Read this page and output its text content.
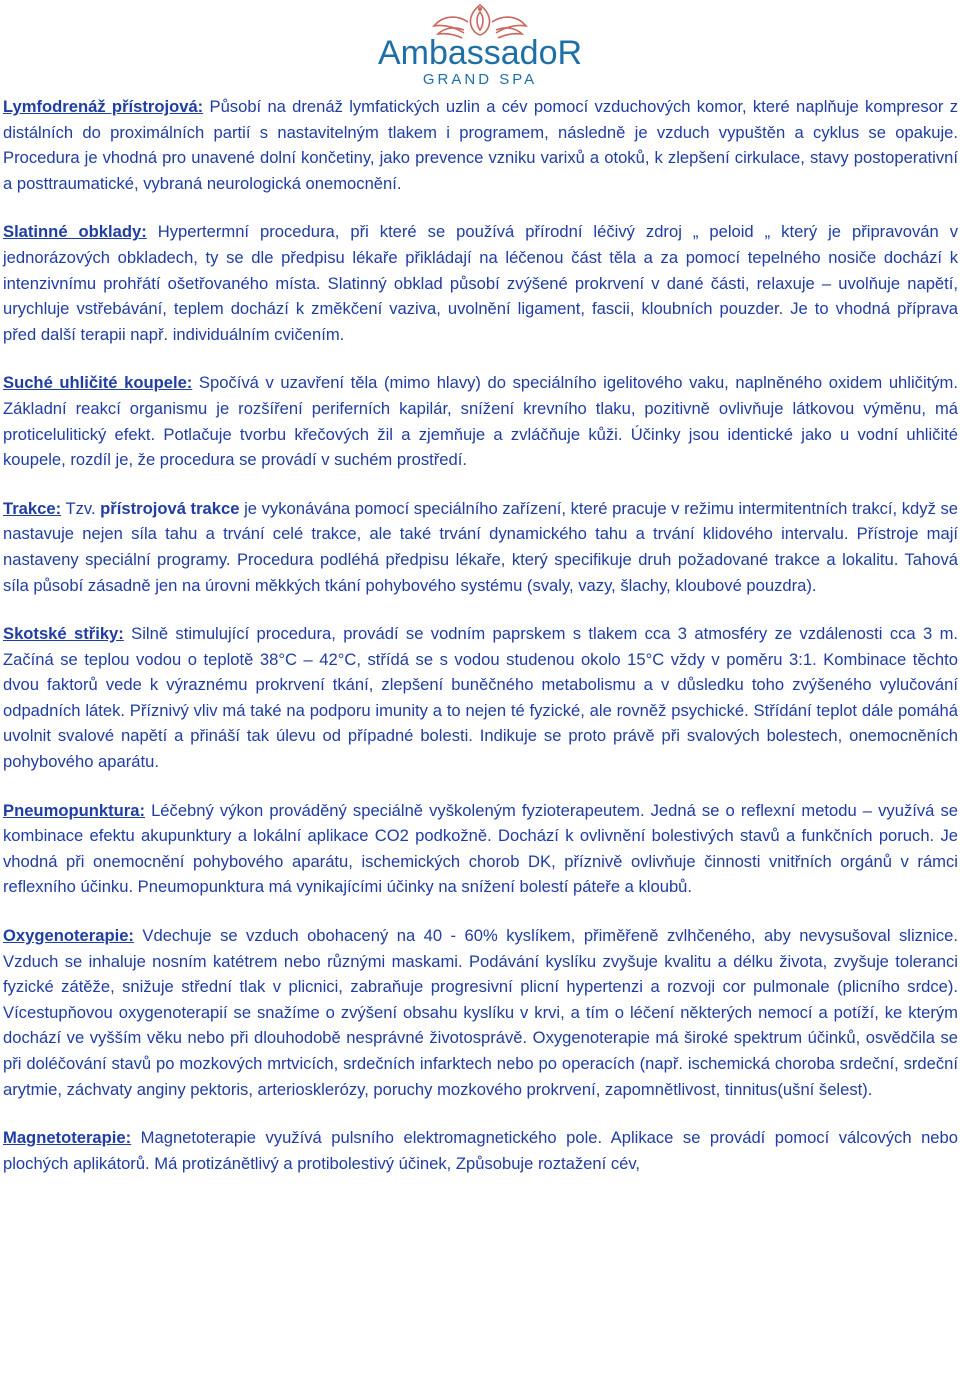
AmbassadoR
GRAND SPA

Lymfodrenáž přístrojová: Působí na drenáž lymfatických uzlin a cév pomocí vzduchových komor, které naplňuje kompresor z distálních do proximálních partií s nastavitelným tlakem i programem, následně je vzduch vypuštěn a cyklus se opakuje. Procedura je vhodná pro unavené dolní končetiny, jako prevence vzniku varixů a otoků, k zlepšení cirkulace, stavy postoperativní a posttraumatické, vybraná neurologická onemocnění.

Slatinné obklady: Hypertermní procedura, při které se používá přírodní léčivý zdroj „ peloid „ který je připravován v jednorázových obkladech, ty se dle předpisu lékaře přikládají na léčenou část těla a za pomocí tepelného nosiče dochází k intenzivnímu prohřátí ošetřovaného místa. Slatinný obklad působí zvýšené prokrvení v dané části, relaxuje – uvolňuje napětí, urychluje vstřebávání, teplem dochází k změkčení vaziva, uvolnění ligament, fascii, kloubních pouzder. Je to vhodná příprava před další terapii např. individuálním cvičením.

Suché uhličité koupele: Spočívá v uzavření těla (mimo hlavy) do speciálního igelitového vaku, naplněného oxidem uhličitým. Základní reakcí organismu je rozšíření periferních kapilár, snížení krevního tlaku, pozitivně ovlivňuje látkovou výměnu, má proticelulitický efekt. Potlačuje tvorbu křečových žil a zjemňuje a zvláčňuje kůži. Účinky jsou identické jako u vodní uhličité koupele, rozdíl je, že procedura se provádí v suchém prostředí.

Trakce: Tzv. přístrojová trakce je vykonávána pomocí speciálního zařízení, které pracuje v režimu intermitentních trakcí, když se nastavuje nejen síla tahu a trvání celé trakce, ale také trvání dynamického tahu a trvání klidového intervalu. Přístroje mají nastaveny speciální programy. Procedura podléhá předpisu lékaře, který specifikuje druh požadované trakce a lokalitu. Tahová síla působí zásadně jen na úrovni měkkých tkání pohybového systému (svaly, vazy, šlachy, kloubové pouzdra).

Skotské střiky: Silně stimulující procedura, provádí se vodním paprskem s tlakem cca 3 atmosféry ze vzdálenosti cca 3 m. Začíná se teplou vodou o teplotě 38°C – 42°C, střídá se s vodou studenou okolo 15°C vždy v poměru 3:1. Kombinace těchto dvou faktorů vede k výraznému prokrvení tkání, zlepšení buněčného metabolismu a v důsledku toho zvýšeného vylučování odpadních látek. Příznivý vliv má také na podporu imunity a to nejen té fyzické, ale rovněž psychické. Střídání teplot dále pomáhá uvolnit svalové napětí a přináší tak úlevu od případné bolesti. Indikuje se proto právě při svalových bolestech, onemocněních pohybového aparátu.

Pneumopunktura: Léčebný výkon prováděný speciálně vyškoleným fyzioterapeutem. Jedná se o reflexní metodu – využívá se kombinace efektu akupunktury a lokální aplikace CO2 podkožně. Dochází k ovlivnění bolestivých stavů a funkčních poruch. Je vhodná při onemocnění pohybového aparátu, ischemických chorob DK, příznivě ovlivňuje činnosti vnitřních orgánů v rámci reflexního účinku. Pneumopunktura má vynikajícími účinky na snížení bolestí páteře a kloubů.

Oxygenoterapie: Vdechuje se vzduch obohacený na 40 - 60% kyslíkem, přiměřeně zvlhčeného, aby nevysušoval sliznice. Vzduch se inhaluje nosním katétrem nebo různými maskami. Podávání kyslíku zvyšuje kvalitu a délku života, zvyšuje toleranci fyzické zátěže, snižuje střední tlak v plicnici, zabraňuje progresivní plicní hypertenzi a rozvoji cor pulmonale (plicního srdce). Vícestupňovou oxygenoterapií se snažíme o zvýšení obsahu kyslíku v krvi, a tím o léčení některých nemocí a potíží, ke kterým dochází ve vyšším věku nebo při dlouhodobě nesprávné životosprávě. Oxygenoterapie má široké spektrum účinků, osvědčila se při doléčování stavů po mozkových mrtvicích, srdečních infarktech nebo po operacích (např. ischemická choroba srdeční, srdeční arytmie, záchvaty anginy pektoris, arteriosklerózy, poruchy mozkového prokrvení, zapomnětlivost, tinnitus(ušní šelest).

Magnetoterapie: Magnetoterapie využívá pulsního elektromagnetického pole. Aplikace se provádí pomocí válcových nebo plochých aplikátorů. Má protizánětlivý a protibolestivý účinek, Způsobuje roztažení cév,
